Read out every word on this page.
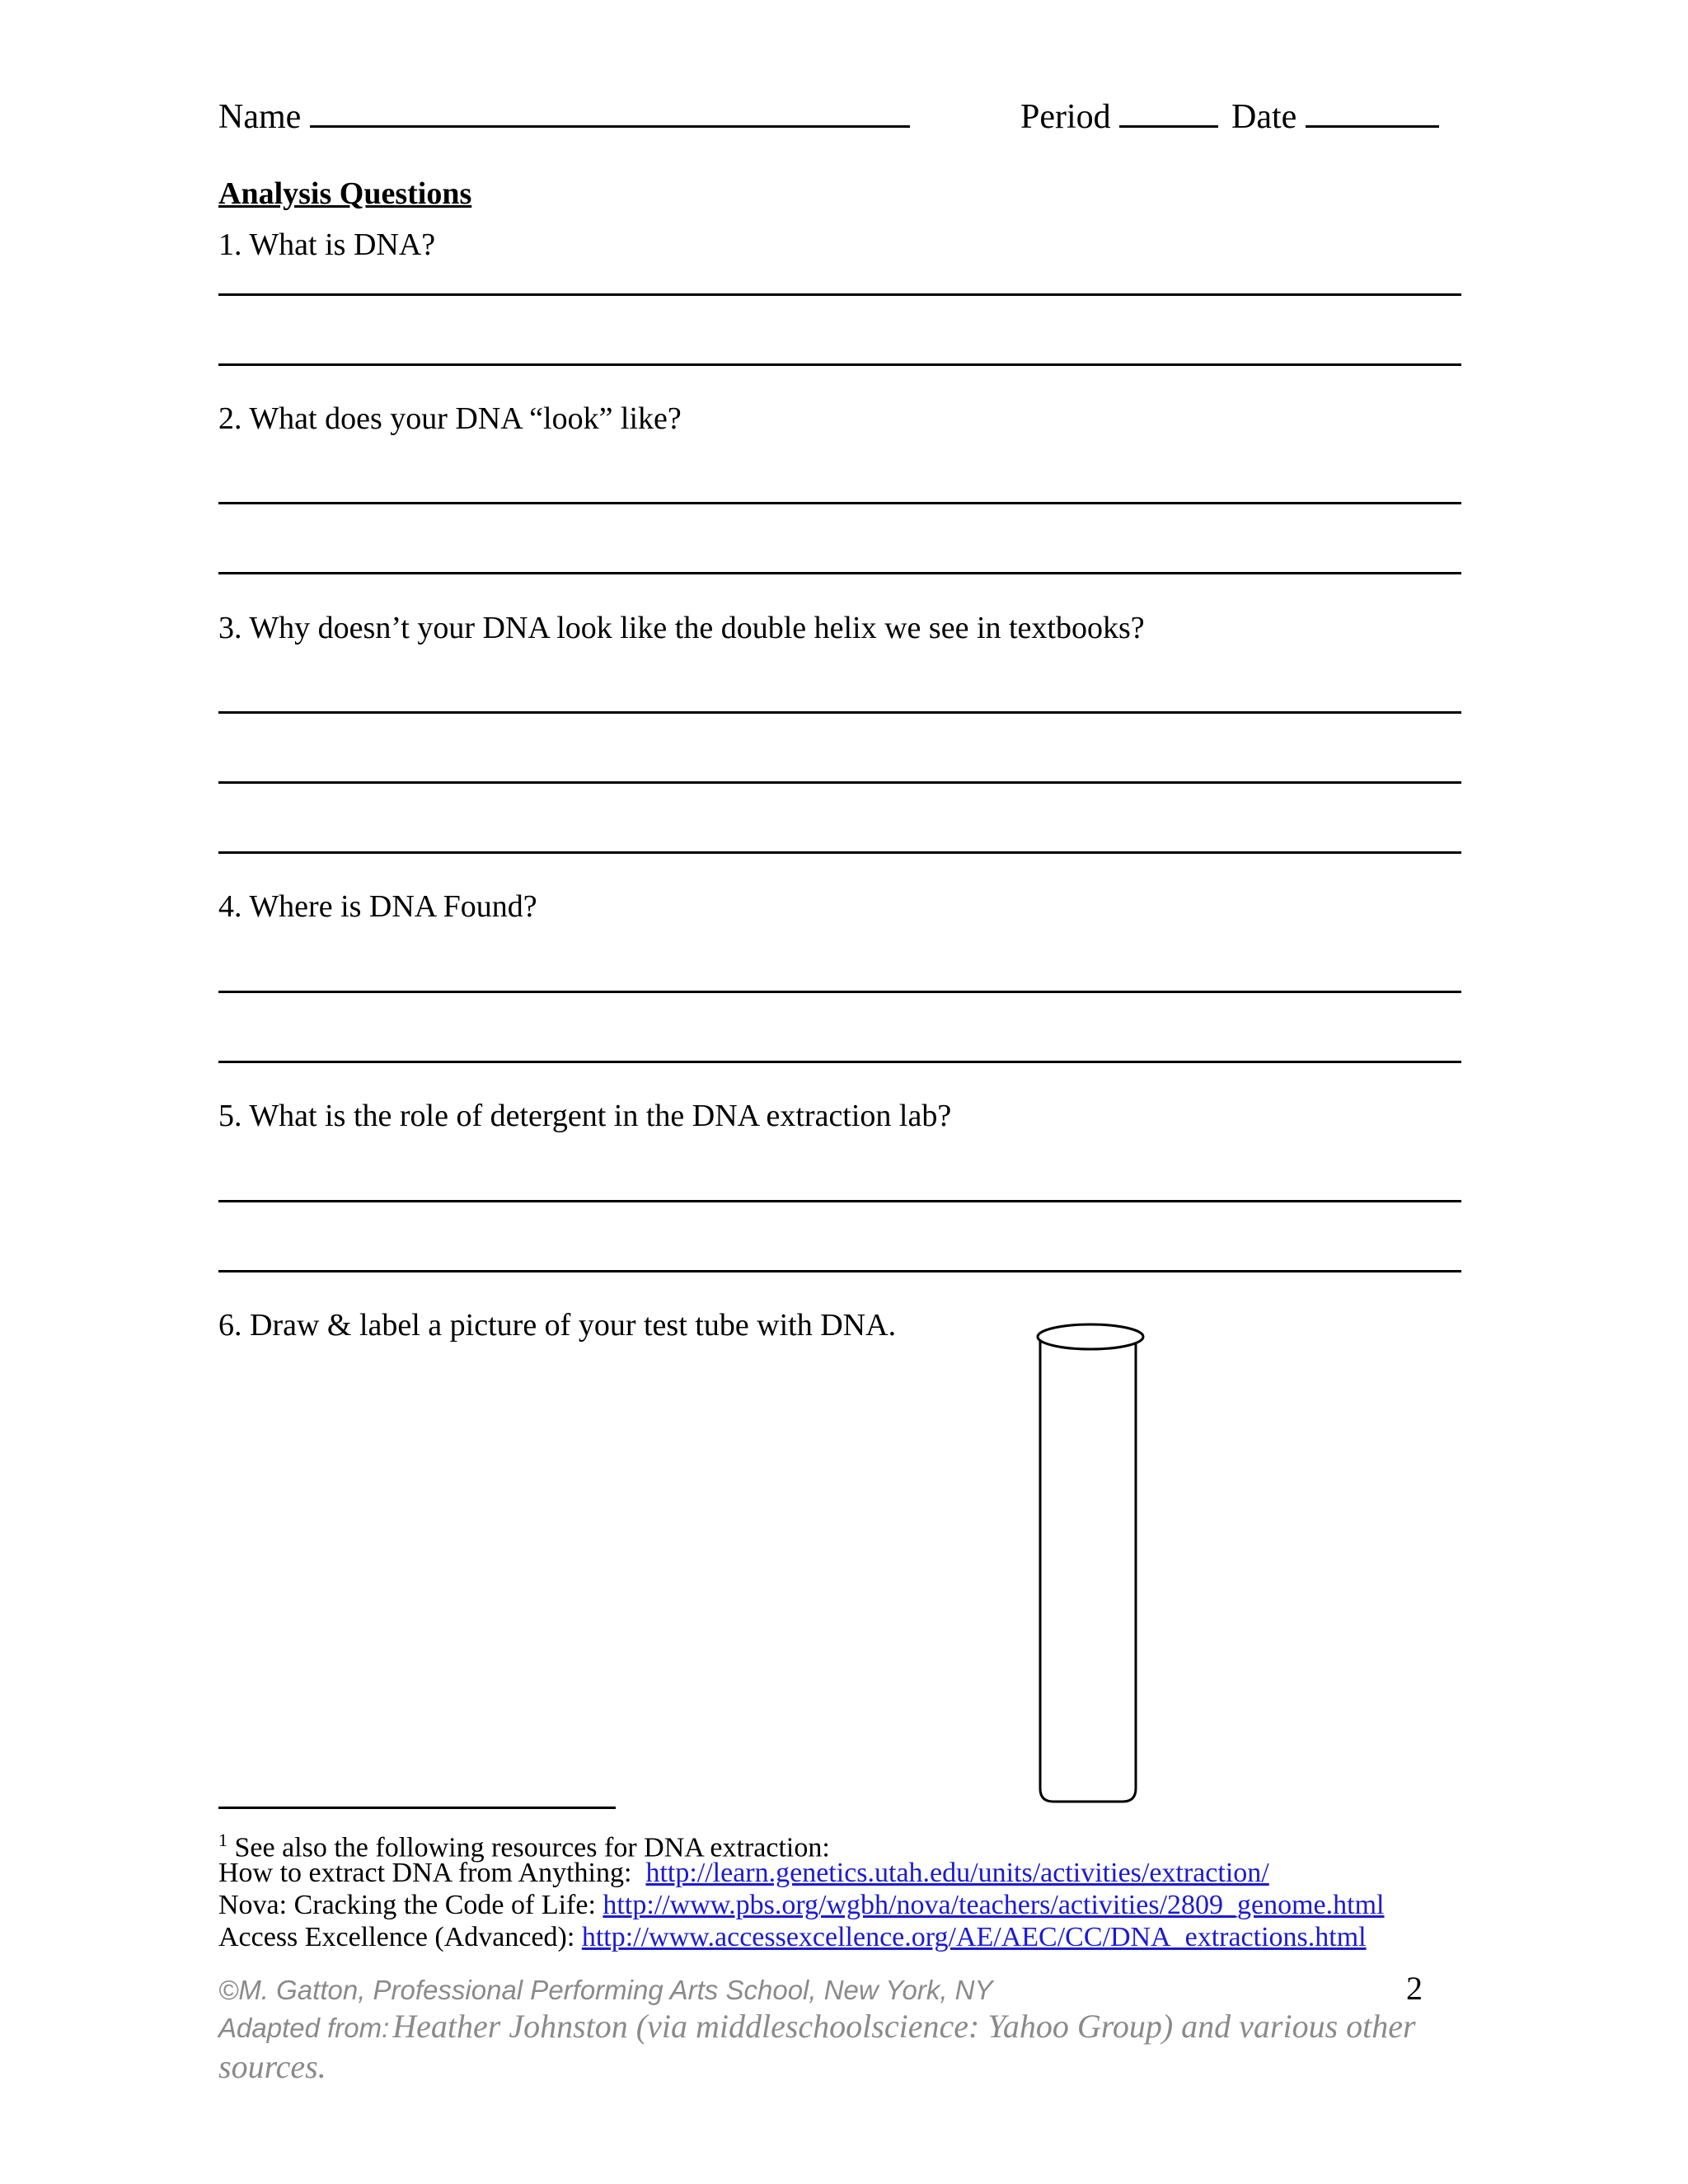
Name	Period	Date
Analysis Questions
1. What is DNA?
2. What does your DNA “look” like?
3. Why doesn’t your DNA look like the double helix we see in textbooks?
4. Where is DNA Found?
5. What is the role of detergent in the DNA extraction lab?
6. Draw & label a picture of your test tube with DNA.
$^1$ See also the following resources for DNA extraction:
How to extract DNA from Anything: http://learn.genetics.utah.edu/units/activities/extraction/
Nova: Cracking the Code of Life: http://www.pbs.org/wgbh/nova/teachers/activities/2809_genome.html
Access Excellence (Advanced): http://www.accessexcellence.org/AE/AEC/CC/DNA_extractions.html
©M. Gatton, Professional Performing Arts School, New York, NY	2
Adapted from: Heather Johnston (via middleschoolscience: Yahoo Group) and various other
sources.
